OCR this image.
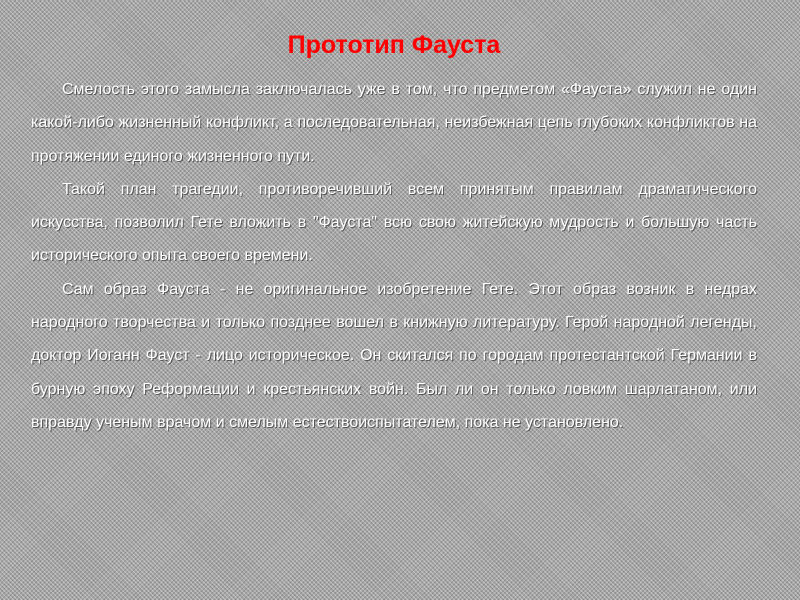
Прототип Фауста

Смелость этого замысла заключалась уже в том, что предметом «Фауста» служил не один какой-либо жизненный конфликт, а последовательная, неизбежная цепь глубоких конфликтов на протяжении единого жизненного пути.

Такой план трагедии, противоречивший всем принятым правилам драматического искусства, позволил Гете вложить в "Фауста" всю свою житейскую мудрость и большую часть исторического опыта своего времени.

Сам образ Фауста - не оригинальное изобретение Гете. Этот образ возник в недрах народного творчества и только позднее вошел в книжную литературу. Герой народной легенды, доктор Иоганн Фауст - лицо историческое. Он скитался по городам протестантской Германии в бурную эпоху Реформации и крестьянских войн. Был ли он только ловким шарлатаном, или вправду ученым врачом и смелым естествоиспытателем, пока не установлено.
